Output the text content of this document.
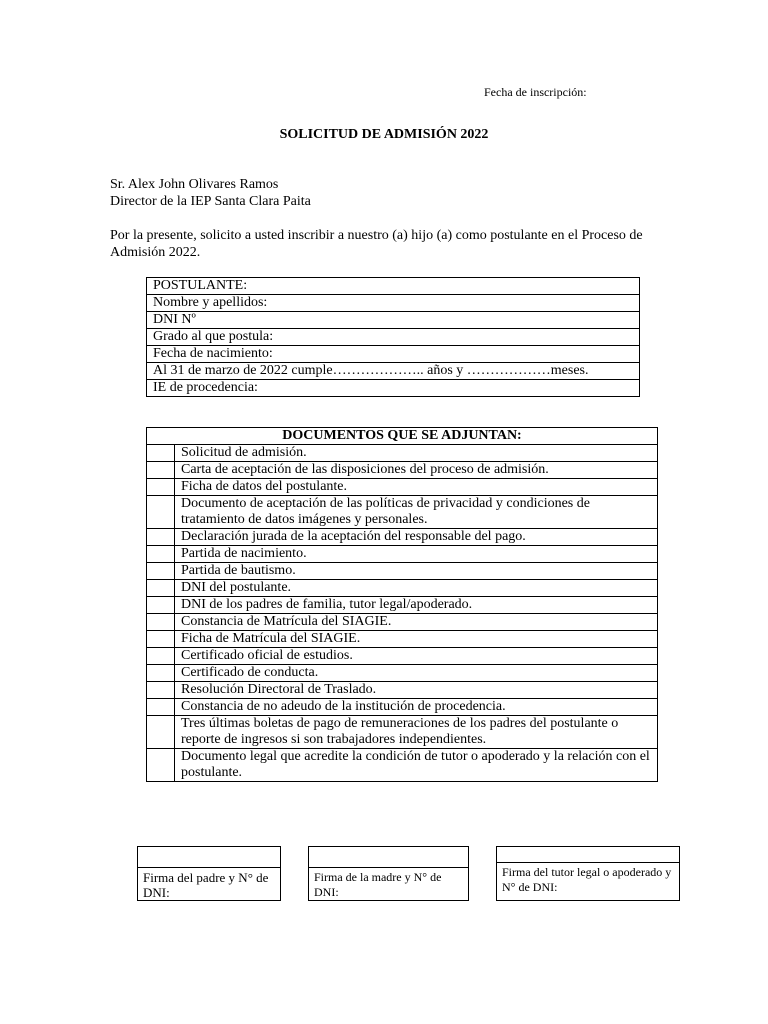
Fecha de inscripción:
SOLICITUD DE ADMISIÓN 2022
Sr. Alex John Olivares Ramos
Director de la IEP Santa Clara Paita
Por la presente, solicito a usted inscribir a nuestro (a) hijo (a) como postulante en el Proceso de Admisión 2022.
POSTULANTE:
Nombre y apellidos:
DNI Nº
Grado al que postula:
Fecha de nacimiento:
Al 31 de marzo de 2022 cumple……………….. años y ………………meses.
IE de procedencia:
DOCUMENTOS QUE SE ADJUNTAN:	
	Solicitud de admisión.
	Carta de aceptación de las disposiciones del proceso de admisión.
	Ficha de datos del postulante.
	Documento de aceptación de las políticas de privacidad y condiciones de tratamiento de datos imágenes y personales.
	Declaración jurada de la aceptación del responsable del pago.
	Partida de nacimiento.
	Partida de bautismo.
	DNI del postulante.
	DNI de los padres de familia, tutor legal/apoderado.
	Constancia de Matrícula del SIAGIE.
	Ficha de Matrícula del SIAGIE.
	Certificado oficial de estudios.
	Certificado de conducta.
	Resolución Directoral de Traslado.
	Constancia de no adeudo de la institución de procedencia.
	Tres últimas boletas de pago de remuneraciones de los padres del postulante o reporte de ingresos si son trabajadores independientes.
	Documento legal que acredite la condición de tutor o apoderado y la relación con el postulante.
Firma del padre y N° de DNI:
Firma de la madre y N° de DNI:
Firma del tutor legal o apoderado y N° de DNI:
